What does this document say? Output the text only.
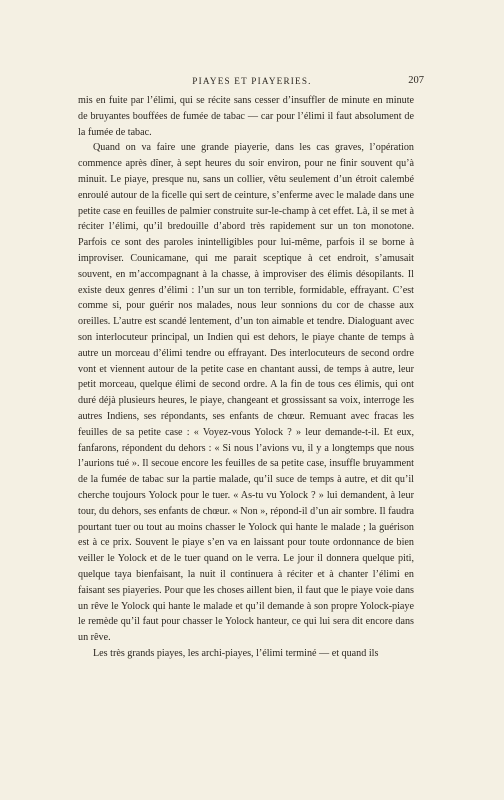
PIAYES ET PIAYERIES.	207

mis en fuite par l’élimi, qui se récite sans cesser d’insuffler de minute en minute de bruyantes bouffées de fumée de tabac — car pour l’élimi il faut absolument de la fumée de tabac.

Quand on va faire une grande piayerie, dans les cas graves, l’opération commence après dîner, à sept heures du soir environ, pour ne finir souvent qu’à minuit. Le piaye, presque nu, sans un collier, vêtu seulement d’un étroit calembé enroulé autour de la ficelle qui sert de ceinture, s’enferme avec le malade dans une petite case en feuilles de palmier construite sur-le-champ à cet effet. Là, il se met à réciter l’élimi, qu’il bredouille d’abord très rapidement sur un ton monotone. Parfois ce sont des paroles inintelligibles pour lui-même, parfois il se borne à improviser. Counicamane, qui me parait sceptique à cet endroit, s’amusait souvent, en m’accompagnant à la chasse, à improviser des élimis désopilants. Il existe deux genres d’élimi : l’un sur un ton terrible, formidable, effrayant. C’est comme si, pour guérir nos malades, nous leur sonnions du cor de chasse aux oreilles. L’autre est scandé lentement, d’un ton aimable et tendre. Dialoguant avec son interlocuteur principal, un Indien qui est dehors, le piaye chante de temps à autre un morceau d’élimi tendre ou effrayant. Des interlocuteurs de second ordre vont et viennent autour de la petite case en chantant aussi, de temps à autre, leur petit morceau, quelque élimi de second ordre. A la fin de tous ces élimis, qui ont duré déjà plusieurs heures, le piaye, changeant et grossissant sa voix, interroge les autres Indiens, ses répondants, ses enfants de chœur. Remuant avec fracas les feuilles de sa petite case : « Voyez-vous Yolock ? » leur demande-t-il. Et eux, fanfarons, répondent du dehors : « Si nous l’avions vu, il y a longtemps que nous l’aurions tué ». Il secoue encore les feuilles de sa petite case, insuffle bruyamment de la fumée de tabac sur la partie malade, qu’il suce de temps à autre, et dit qu’il cherche toujours Yolock pour le tuer. « As-tu vu Yolock ? » lui demandent, à leur tour, du dehors, ses enfants de chœur. « Non », répond-il d’un air sombre. Il faudra pourtant tuer ou tout au moins chasser le Yolock qui hante le malade ; la guérison est à ce prix. Souvent le piaye s’en va en laissant pour toute ordonnance de bien veiller le Yolock et de le tuer quand on le verra. Le jour il donnera quelque piti, quelque taya bienfaisant, la nuit il continuera à réciter et à chanter l’élimi en faisant ses piayeries. Pour que les choses aillent bien, il faut que le piaye voie dans un rêve le Yolock qui hante le malade et qu’il demande à son propre Yolock-piaye le remède qu’il faut pour chasser le Yolock hanteur, ce qui lui sera dit encore dans un rêve.

Les très grands piayes, les archi-piayes, l’élimi terminé — et quand ils
